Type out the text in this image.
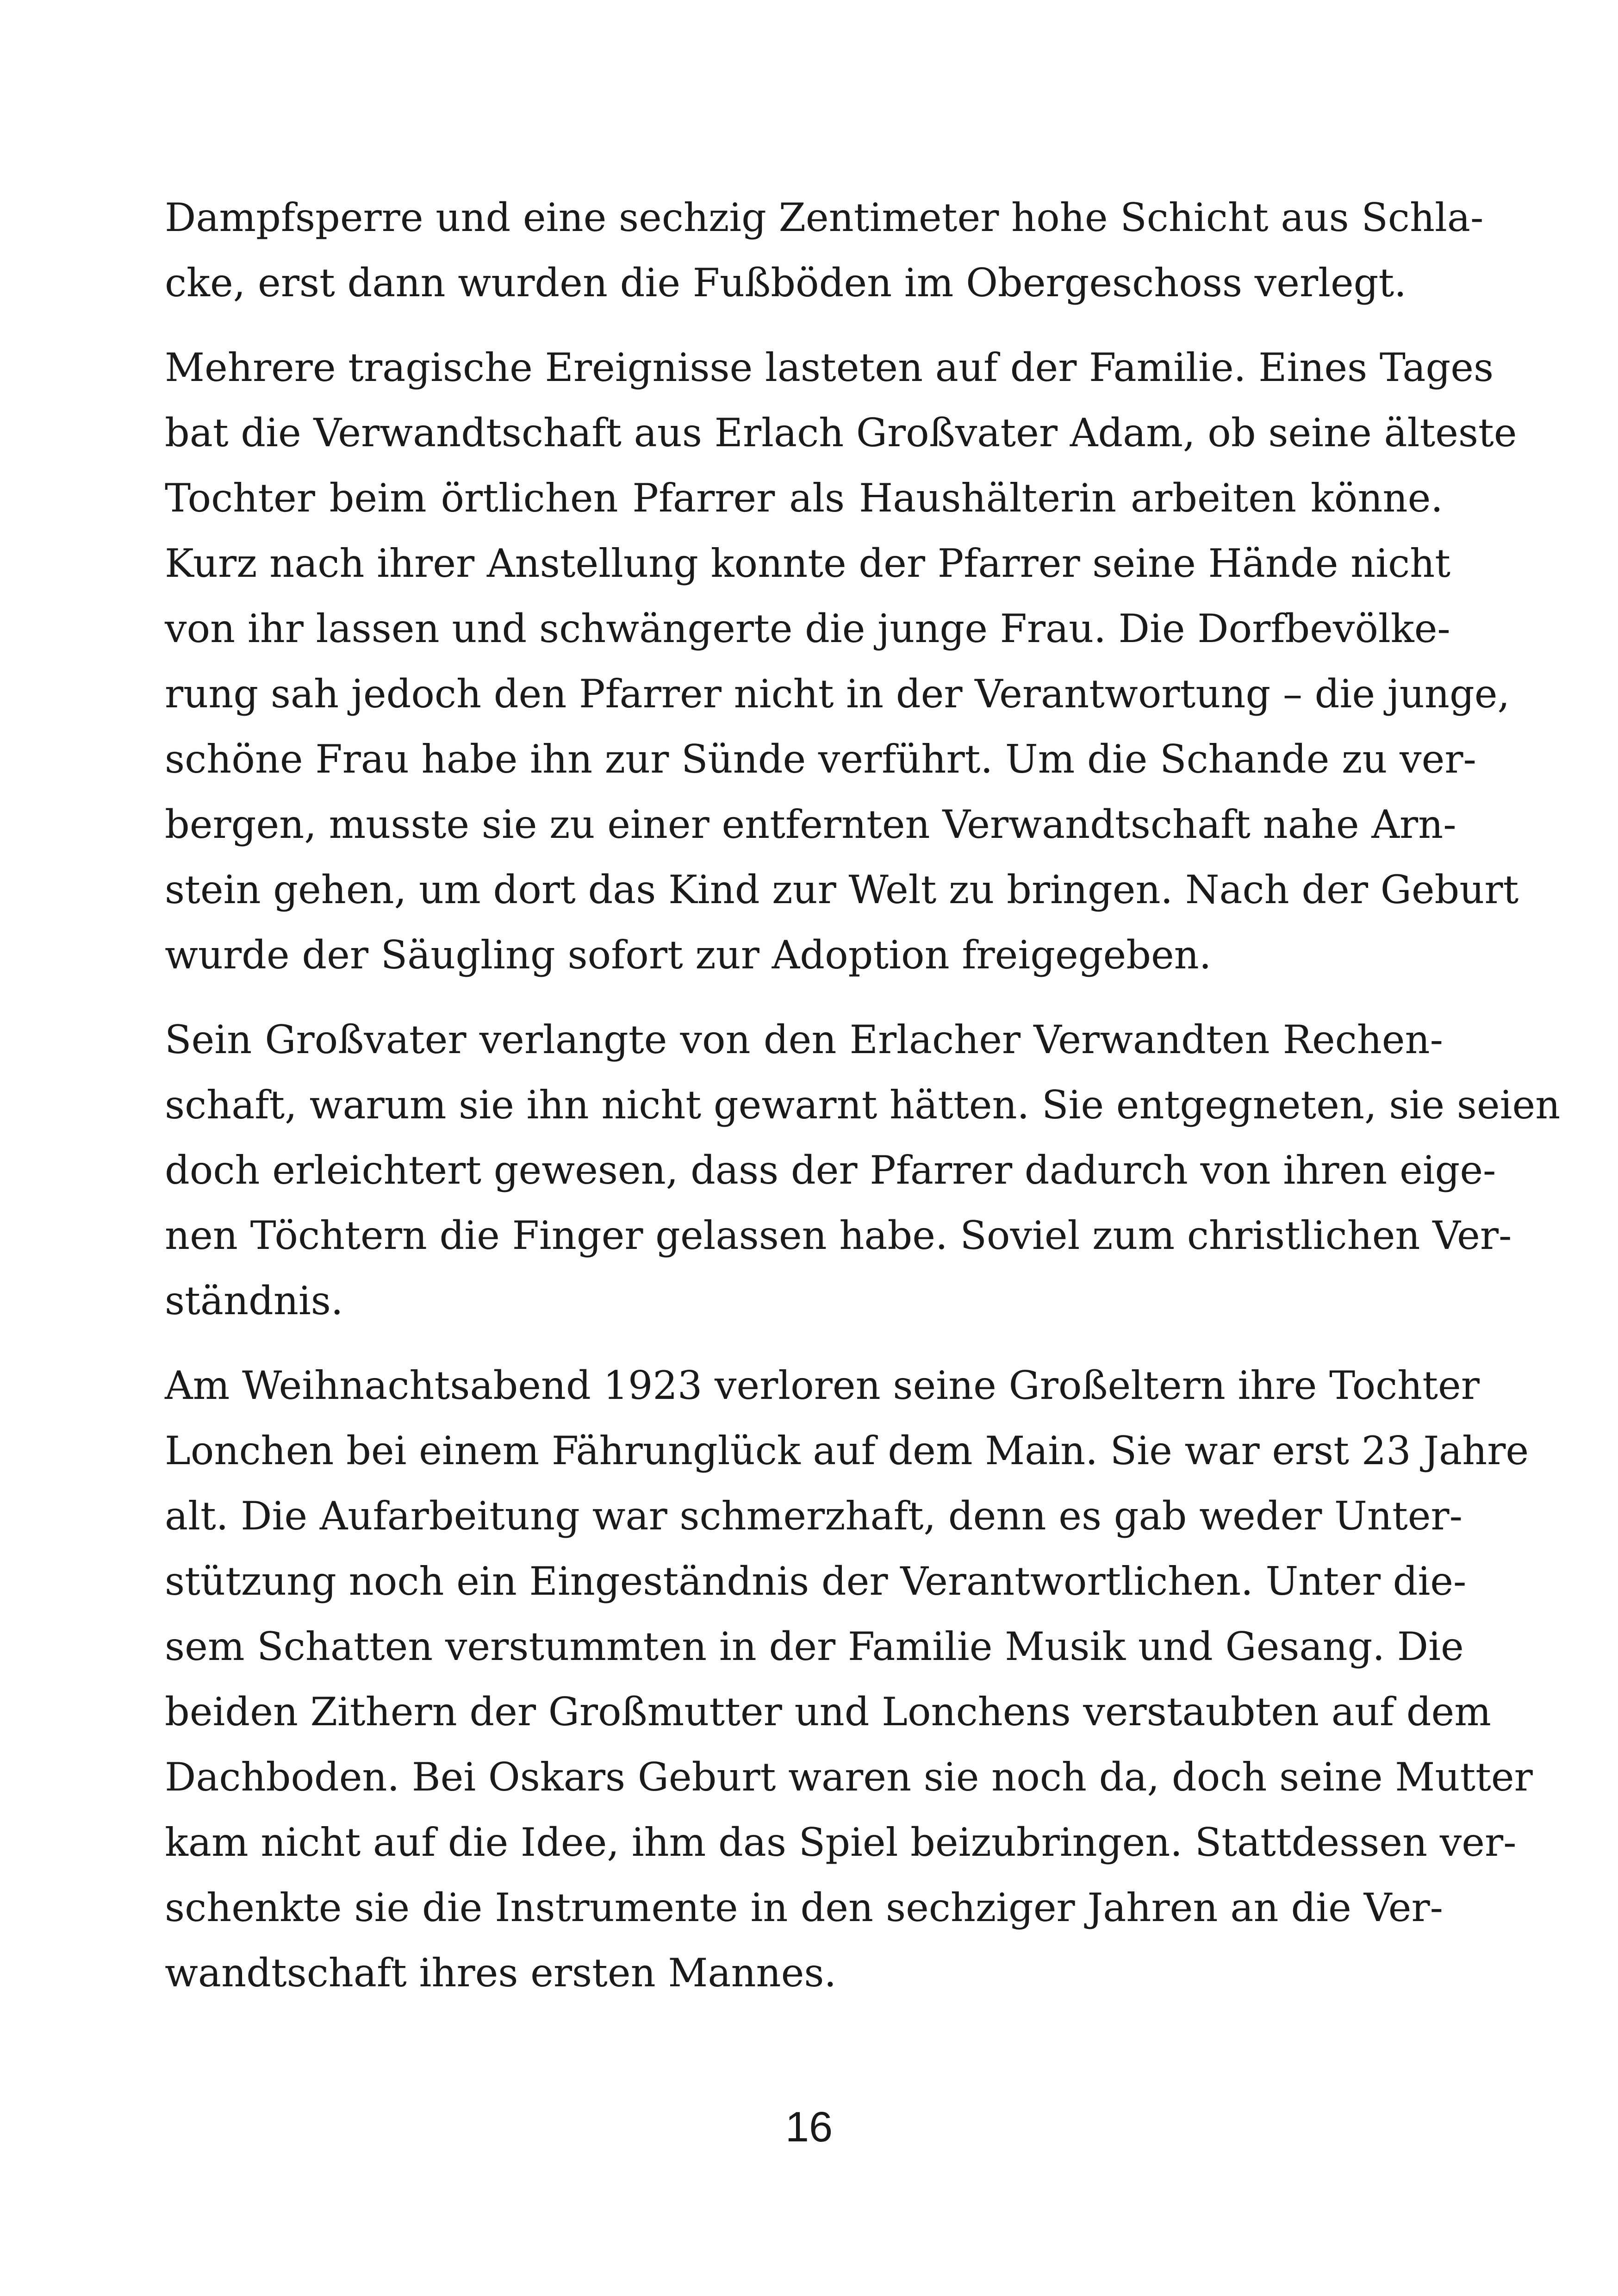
Dampfsperre und eine sechzig Zentimeter hohe Schicht aus Schla-
cke, erst dann wurden die Fußböden im Obergeschoss verlegt.
Mehrere tragische Ereignisse lasteten auf der Familie. Eines Tages
bat die Verwandtschaft aus Erlach Großvater Adam, ob seine älteste
Tochter beim örtlichen Pfarrer als Haushälterin arbeiten könne.
Kurz nach ihrer Anstellung konnte der Pfarrer seine Hände nicht
von ihr lassen und schwängerte die junge Frau. Die Dorfbevölke-
rung sah jedoch den Pfarrer nicht in der Verantwortung – die junge,
schöne Frau habe ihn zur Sünde verführt. Um die Schande zu ver-
bergen, musste sie zu einer entfernten Verwandtschaft nahe Arn-
stein gehen, um dort das Kind zur Welt zu bringen. Nach der Geburt
wurde der Säugling sofort zur Adoption freigegeben.
Sein Großvater verlangte von den Erlacher Verwandten Rechen-
schaft, warum sie ihn nicht gewarnt hätten. Sie entgegneten, sie seien
doch erleichtert gewesen, dass der Pfarrer dadurch von ihren eige-
nen Töchtern die Finger gelassen habe. Soviel zum christlichen Ver-
ständnis.
Am Weihnachtsabend 1923 verloren seine Großeltern ihre Tochter
Lonchen bei einem Fährunglück auf dem Main. Sie war erst 23 Jahre
alt. Die Aufarbeitung war schmerzhaft, denn es gab weder Unter-
stützung noch ein Eingeständnis der Verantwortlichen. Unter die-
sem Schatten verstummten in der Familie Musik und Gesang. Die
beiden Zithern der Großmutter und Lonchens verstaubten auf dem
Dachboden. Bei Oskars Geburt waren sie noch da, doch seine Mutter
kam nicht auf die Idee, ihm das Spiel beizubringen. Stattdessen ver-
schenkte sie die Instrumente in den sechziger Jahren an die Ver-
wandtschaft ihres ersten Mannes.
16
